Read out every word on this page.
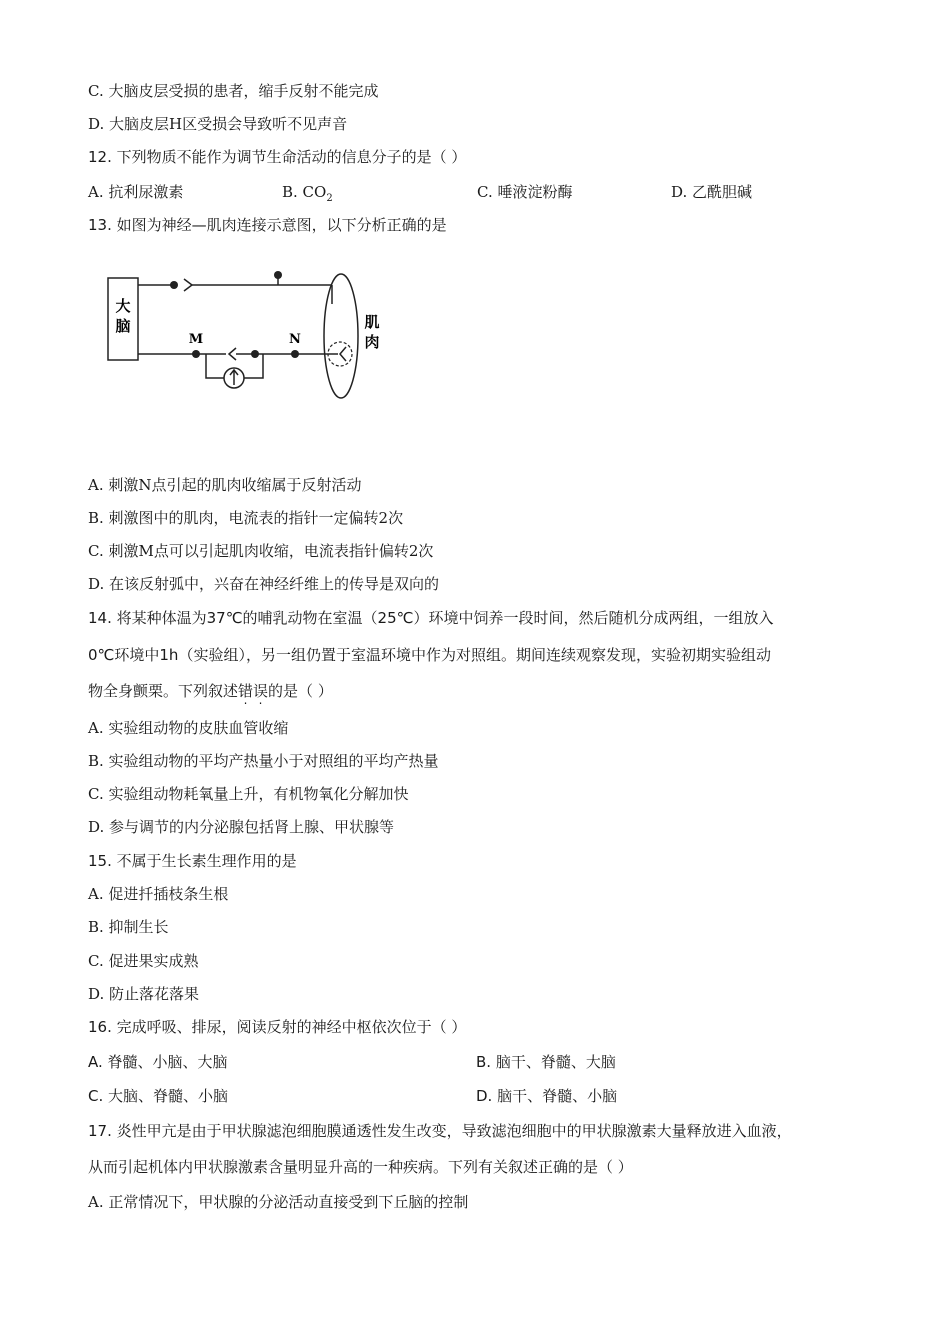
C. 大脑皮层受损的患者，缩手反射不能完成
D. 大脑皮层H区受损会导致听不见声音
12. 下列物质不能作为调节生命活动的信息分子的是（ ）
A. 抗利尿激素	B. $CO_2$	C. 唾液淀粉酶	D. 乙酰胆碱
13. 如图为神经—肌肉连接示意图，以下分析正确的是
大
脑
M	N
肌
肉
A. 刺激N点引起的肌肉收缩属于反射活动
B. 刺激图中的肌肉，电流表的指针一定偏转2次
C. 刺激M点可以引起肌肉收缩，电流表指针偏转2次
D. 在该反射弧中，兴奋在神经纤维上的传导是双向的
14. 将某种体温为37℃的哺乳动物在室温（25℃）环境中饲养一段时间，然后随机分成两组，一组放入
0℃环境中1h（实验组），另一组仍置于室温环境中作为对照组。期间连续观察发现，实验初期实验组动
物全身颤栗。下列叙述错误的是（ ）
A. 实验组动物的皮肤血管收缩
B. 实验组动物的平均产热量小于对照组的平均产热量
C. 实验组动物耗氧量上升，有机物氧化分解加快
D. 参与调节的内分泌腺包括肾上腺、甲状腺等
15. 不属于生长素生理作用的是
A. 促进扦插枝条生根
B. 抑制生长
C. 促进果实成熟
D. 防止落花落果
16. 完成呼吸、排尿，阅读反射的神经中枢依次位于（ ）
A. 脊髓、小脑、大脑	B. 脑干、脊髓、大脑
C. 大脑、脊髓、小脑	D. 脑干、脊髓、小脑
17. 炎性甲亢是由于甲状腺滤泡细胞膜通透性发生改变，导致滤泡细胞中的甲状腺激素大量释放进入血液，
从而引起机体内甲状腺激素含量明显升高的一种疾病。下列有关叙述正确的是（ ）
A. 正常情况下，甲状腺的分泌活动直接受到下丘脑的控制
